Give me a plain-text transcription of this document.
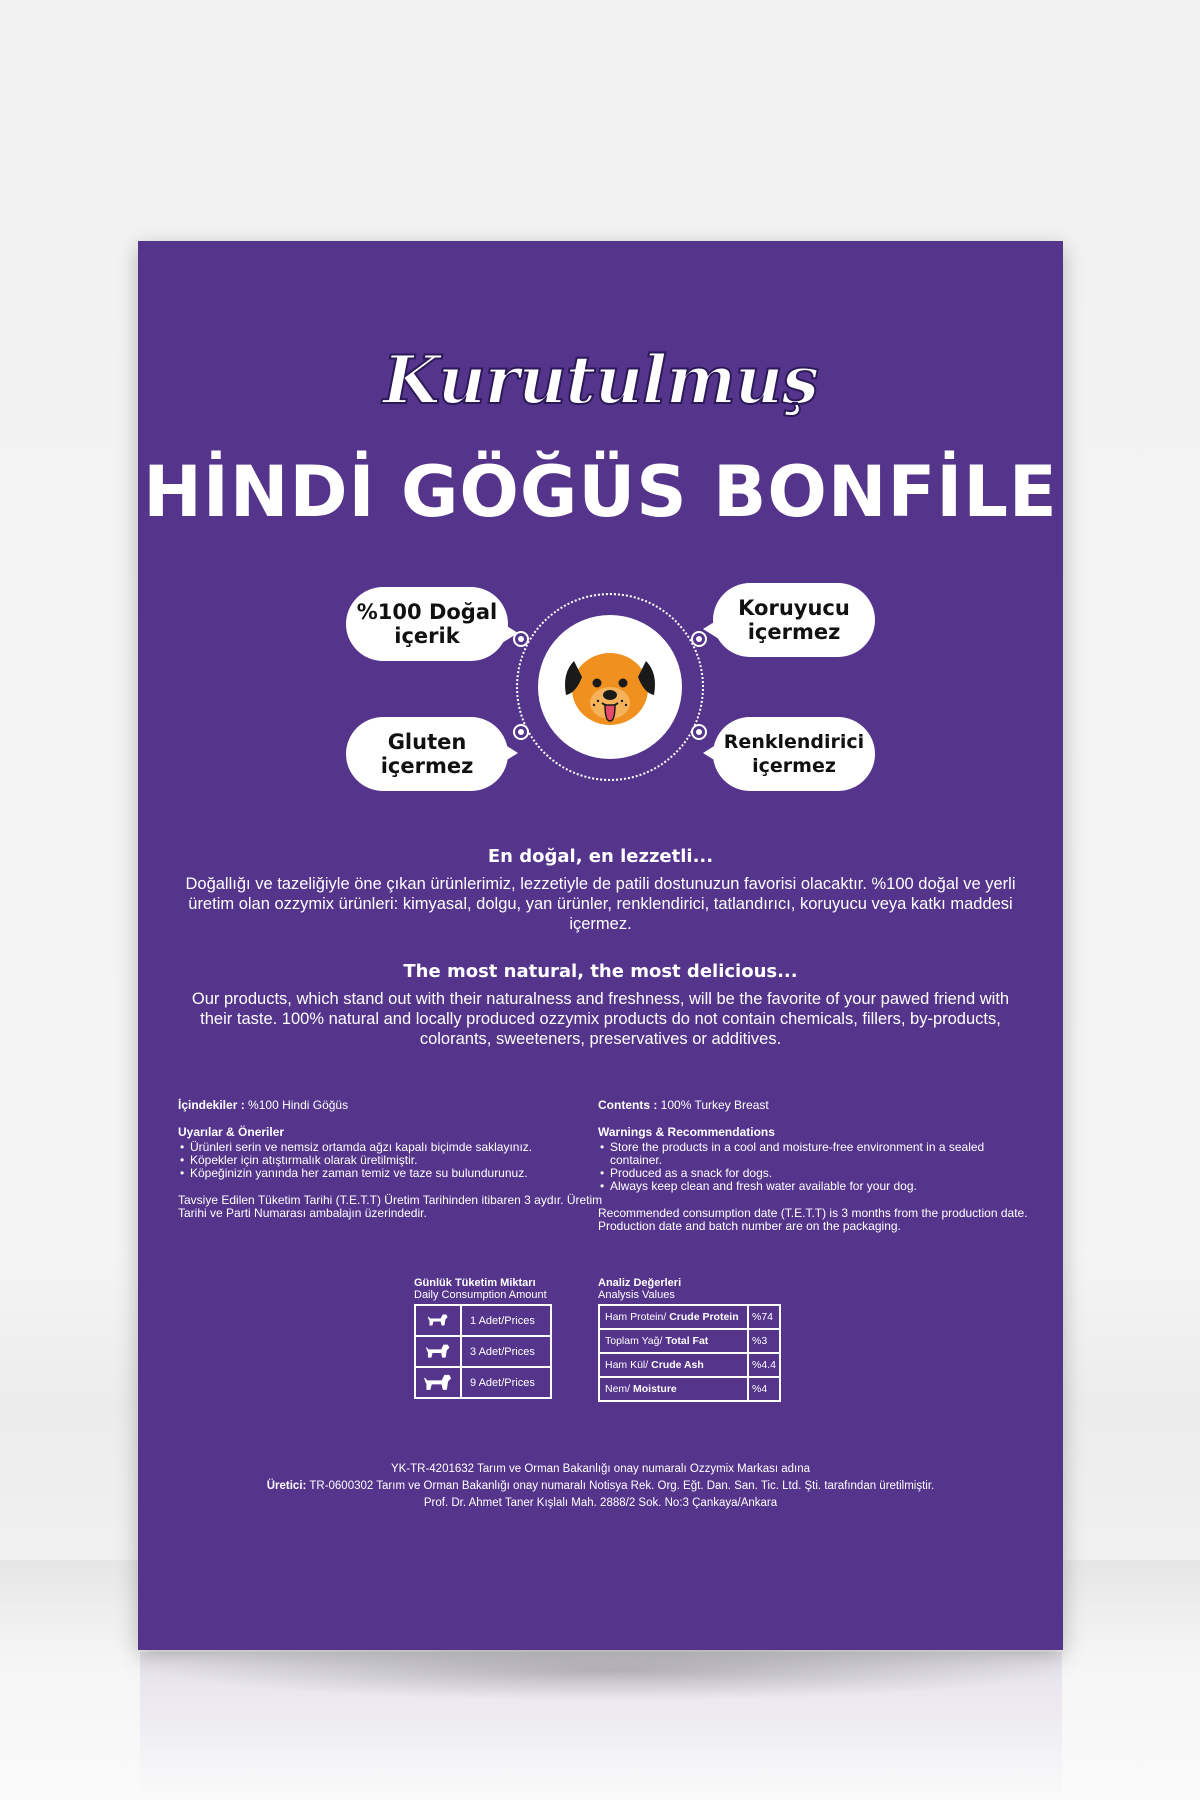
Kurutulmuş
HİNDİ GÖĞÜS BONFİLE
%100 Doğal
içerik
Koruyucu
içermez
Gluten
içermez
Renklendirici
içermez
En doğal, en lezzetli...
Doğallığı ve tazeliğiyle öne çıkan ürünlerimiz, lezzetiyle de patili dostunuzun favorisi olacaktır. %100 doğal ve yerli üretim olan ozzymix ürünleri: kimyasal, dolgu, yan ürünler, renklendirici, tatlandırıcı, koruyucu veya katkı maddesi içermez.
The most natural, the most delicious...
Our products, which stand out with their naturalness and freshness, will be the favorite of your pawed friend with their taste. 100% natural and locally produced ozzymix products do not contain chemicals, fillers, by-products, colorants, sweeteners, preservatives or additives.
İçindekiler : %100 Hindi Göğüs
Uyarılar & Öneriler
• Ürünleri serin ve nemsiz ortamda ağzı kapalı biçimde saklayınız.
• Köpekler için atıştırmalık olarak üretilmiştir.
• Köpeğinizin yanında her zaman temiz ve taze su bulundurunuz.
Tavsiye Edilen Tüketim Tarihi (T.E.T.T) Üretim Tarihinden itibaren 3 aydır. Üretim Tarihi ve Parti Numarası ambalajın üzerindedir.
Contents : 100% Turkey Breast
Warnings & Recommendations
• Store the products in a cool and moisture-free environment in a sealed container.
• Produced as a snack for dogs.
• Always keep clean and fresh water available for your dog.
Recommended consumption date (T.E.T.T) is 3 months from the production date. Production date and batch number are on the packaging.
Günlük Tüketim Miktarı
Daily Consumption Amount
	1 Adet/Prices
	3 Adet/Prices
	9 Adet/Prices
Analiz Değerleri
Analysis Values
Ham Protein/ Crude Protein	%74
Toplam Yağ/ Total Fat	%3
Ham Kül/ Crude Ash	%4.4
Nem/ Moisture	%4
YK-TR-4201632 Tarım ve Orman Bakanlığı onay numaralı Ozzymix Markası adına
Üretici: TR-0600302 Tarım ve Orman Bakanlığı onay numaralı Notisya Rek. Org. Eğt. Dan. San. Tic. Ltd. Şti. tarafından üretilmiştir.
Prof. Dr. Ahmet Taner Kışlalı Mah. 2888/2 Sok. No:3 Çankaya/Ankara
